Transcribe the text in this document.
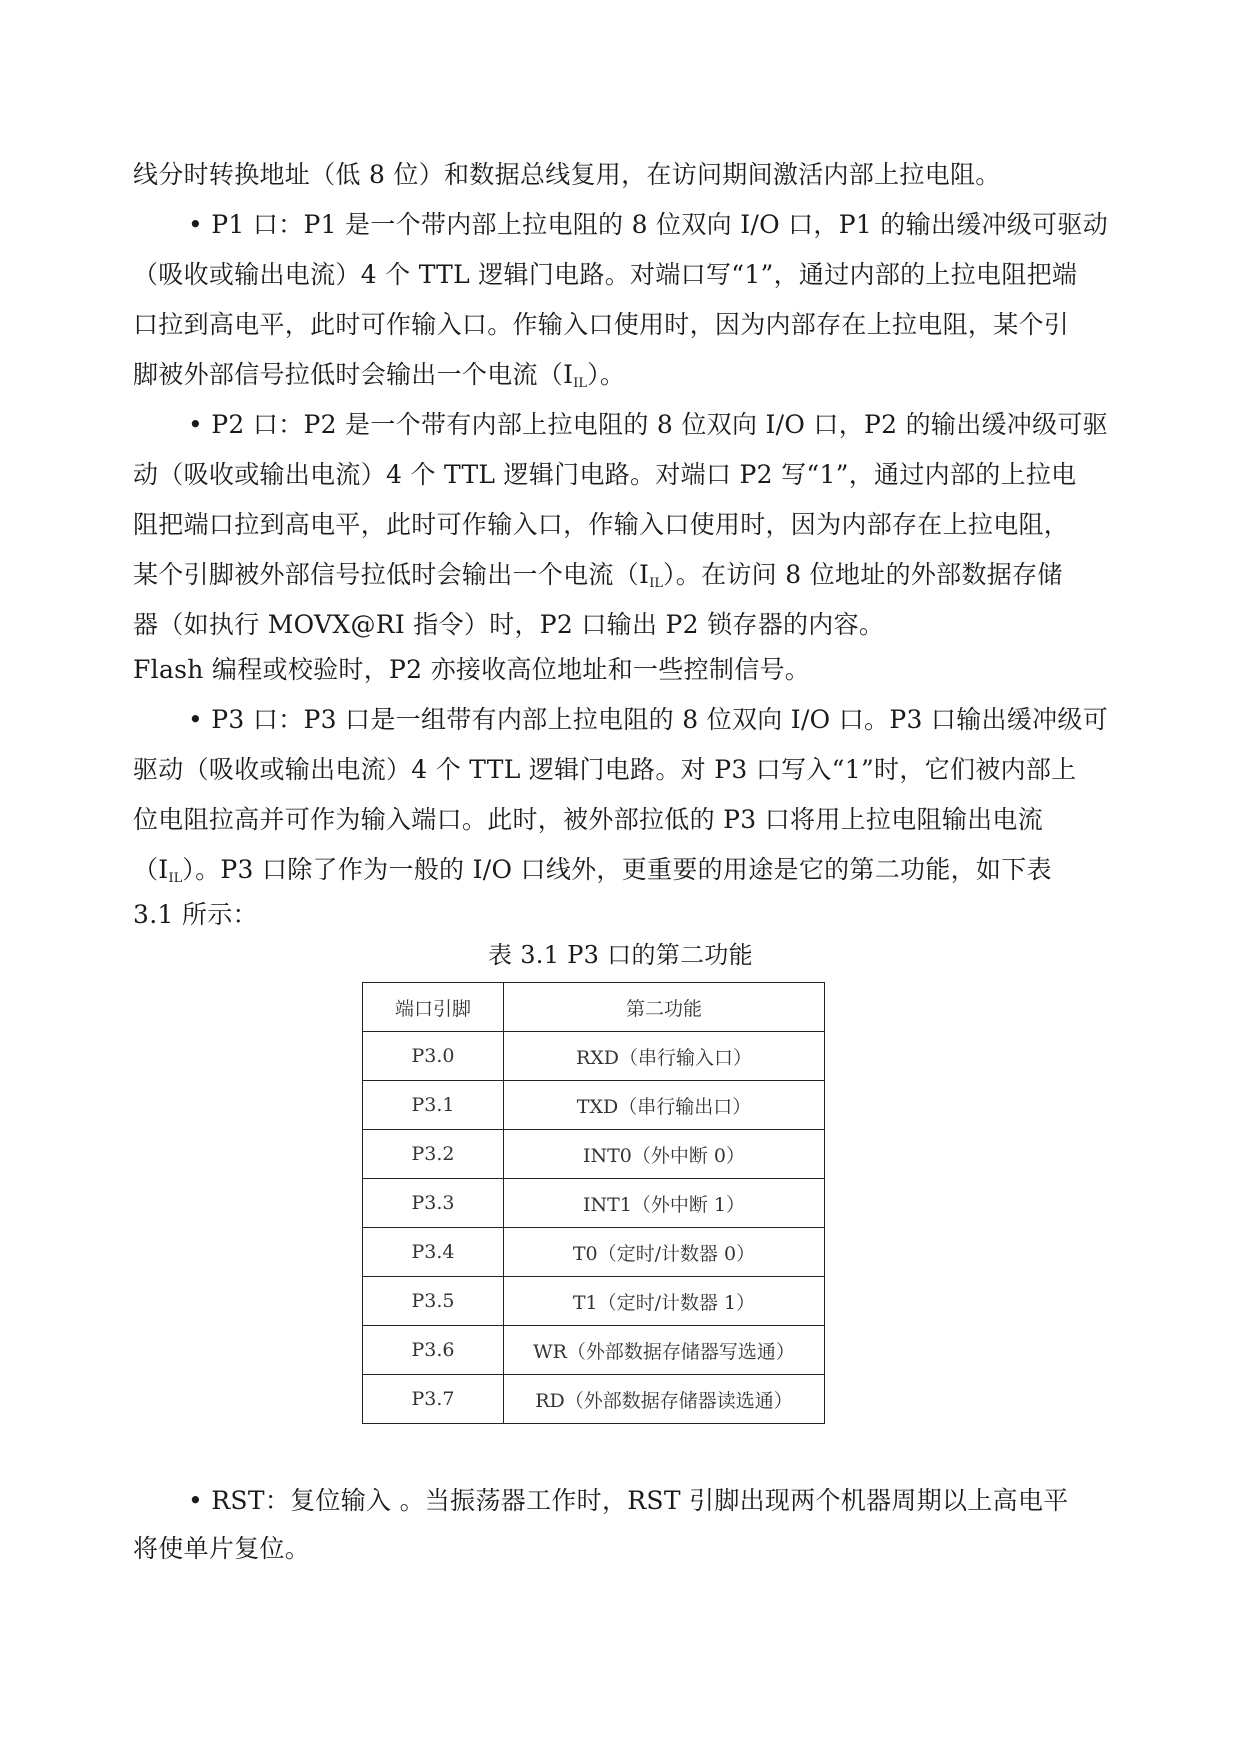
线分时转换地址（低 8 位）和数据总线复用，在访问期间激活内部上拉电阻。
• P1 口：P1 是一个带内部上拉电阻的 8 位双向 I/O 口，P1 的输出缓冲级可驱动
（吸收或输出电流）4 个 TTL 逻辑门电路。对端口写“1”，通过内部的上拉电阻把端
口拉到高电平，此时可作输入口。作输入口使用时，因为内部存在上拉电阻，某个引
脚被外部信号拉低时会输出一个电流$(I_{IL})$。
• P2 口：P2 是一个带有内部上拉电阻的 8 位双向 I/O 口，P2 的输出缓冲级可驱
动（吸收或输出电流）4 个 TTL 逻辑门电路。对端口 P2 写“1”，通过内部的上拉电
阻把端口拉到高电平，此时可作输入口，作输入口使用时，因为内部存在上拉电阻，
某个引脚被外部信号拉低时会输出一个电流$(I_{IL})$。在访问 8 位地址的外部数据存储
器（如执行 MOVX@RI 指令）时，P2 口输出 P2 锁存器的内容。
Flash 编程或校验时，P2 亦接收高位地址和一些控制信号。
• P3 口：P3 口是一组带有内部上拉电阻的 8 位双向 I/O 口。P3 口输出缓冲级可
驱动（吸收或输出电流）4 个 TTL 逻辑门电路。对 P3 口写入“1”时，它们被内部上
位电阻拉高并可作为输入端口。此时，被外部拉低的 P3 口将用上拉电阻输出电流
$(I_{IL})$。P3 口除了作为一般的 I/O 口线外，更重要的用途是它的第二功能，如下表
3.1 所示：
表 3.1 P3 口的第二功能
端口引脚	第二功能
P3.0	RXD（串行输入口）
P3.1	TXD（串行输出口）
P3.2	INT0（外中断 0）
P3.3	INT1（外中断 1）
P3.4	T0（定时/计数器 0）
P3.5	T1（定时/计数器 1）
P3.6	WR（外部数据存储器写选通）
P3.7	RD（外部数据存储器读选通）
• RST：复位输入 。当振荡器工作时，RST 引脚出现两个机器周期以上高电平
将使单片复位。
